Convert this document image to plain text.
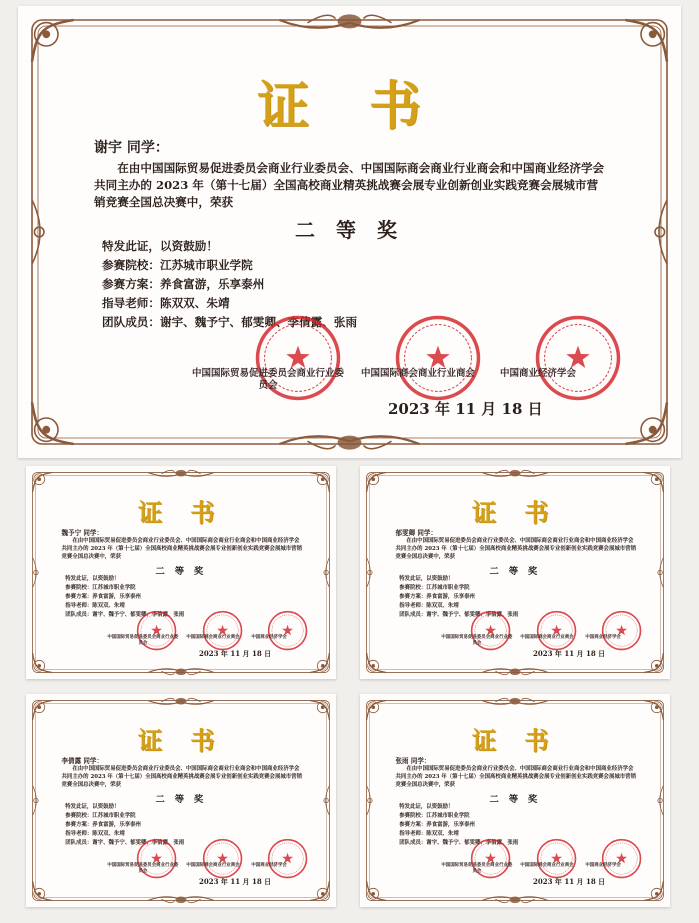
证 书
谢宇 同学：
在由中国国际贸易促进委员会商业行业委员会、中国国际商会商业行业商会和中国商业经济学会共同主办的 2023 年（第十七届）全国高校商业精英挑战赛会展专业创新创业实践竞赛会展城市营销竞赛全国总决赛中，荣获
二 等 奖
特发此证，以资鼓励！
参赛院校：江苏城市职业学院
参赛方案：养食富游，乐享泰州
指导老师：陈双双、朱靖
团队成员：谢宇、魏予宁、郁雯卿、李倩露、张雨
中国国际贸易促进委员会商业行业委员会
中国国际商会商业行业商会	中国商业经济学会
2023 年 11 月 18 日
证 书
魏予宁 同学：
在由中国国际贸易促进委员会商业行业委员会、中国国际商会商业行业商会和中国商业经济学会共同主办的 2023 年（第十七届）全国高校商业精英挑战赛会展专业创新创业实践竞赛会展城市营销竞赛全国总决赛中，荣获
二 等 奖
特发此证，以资鼓励！
参赛院校：江苏城市职业学院
参赛方案：养食富游，乐享泰州
指导老师：陈双双、朱靖
团队成员：谢宇、魏予宁、郁雯卿、李倩露、张雨
中国国际贸易促进委员会商业行业委员会
中国国际商会商业行业商会	中国商业经济学会
2023 年 11 月 18 日
证 书
郁雯卿 同学：
在由中国国际贸易促进委员会商业行业委员会、中国国际商会商业行业商会和中国商业经济学会共同主办的 2023 年（第十七届）全国高校商业精英挑战赛会展专业创新创业实践竞赛会展城市营销竞赛全国总决赛中，荣获
二 等 奖
特发此证，以资鼓励！
参赛院校：江苏城市职业学院
参赛方案：养食富游，乐享泰州
指导老师：陈双双、朱靖
团队成员：谢宇、魏予宁、郁雯卿、李倩露、张雨
中国国际贸易促进委员会商业行业委员会
中国国际商会商业行业商会	中国商业经济学会
2023 年 11 月 18 日
证 书
李倩露 同学：
在由中国国际贸易促进委员会商业行业委员会、中国国际商会商业行业商会和中国商业经济学会共同主办的 2023 年（第十七届）全国高校商业精英挑战赛会展专业创新创业实践竞赛会展城市营销竞赛全国总决赛中，荣获
二 等 奖
特发此证，以资鼓励！
参赛院校：江苏城市职业学院
参赛方案：养食富游，乐享泰州
指导老师：陈双双、朱靖
团队成员：谢宇、魏予宁、郁雯卿、李倩露、张雨
中国国际贸易促进委员会商业行业委员会
中国国际商会商业行业商会	中国商业经济学会
2023 年 11 月 18 日
证 书
张雨 同学：
在由中国国际贸易促进委员会商业行业委员会、中国国际商会商业行业商会和中国商业经济学会共同主办的 2023 年（第十七届）全国高校商业精英挑战赛会展专业创新创业实践竞赛会展城市营销竞赛全国总决赛中，荣获
二 等 奖
特发此证，以资鼓励！
参赛院校：江苏城市职业学院
参赛方案：养食富游，乐享泰州
指导老师：陈双双、朱靖
团队成员：谢宇、魏予宁、郁雯卿、李倩露、张雨
中国国际贸易促进委员会商业行业委员会
中国国际商会商业行业商会	中国商业经济学会
2023 年 11 月 18 日
